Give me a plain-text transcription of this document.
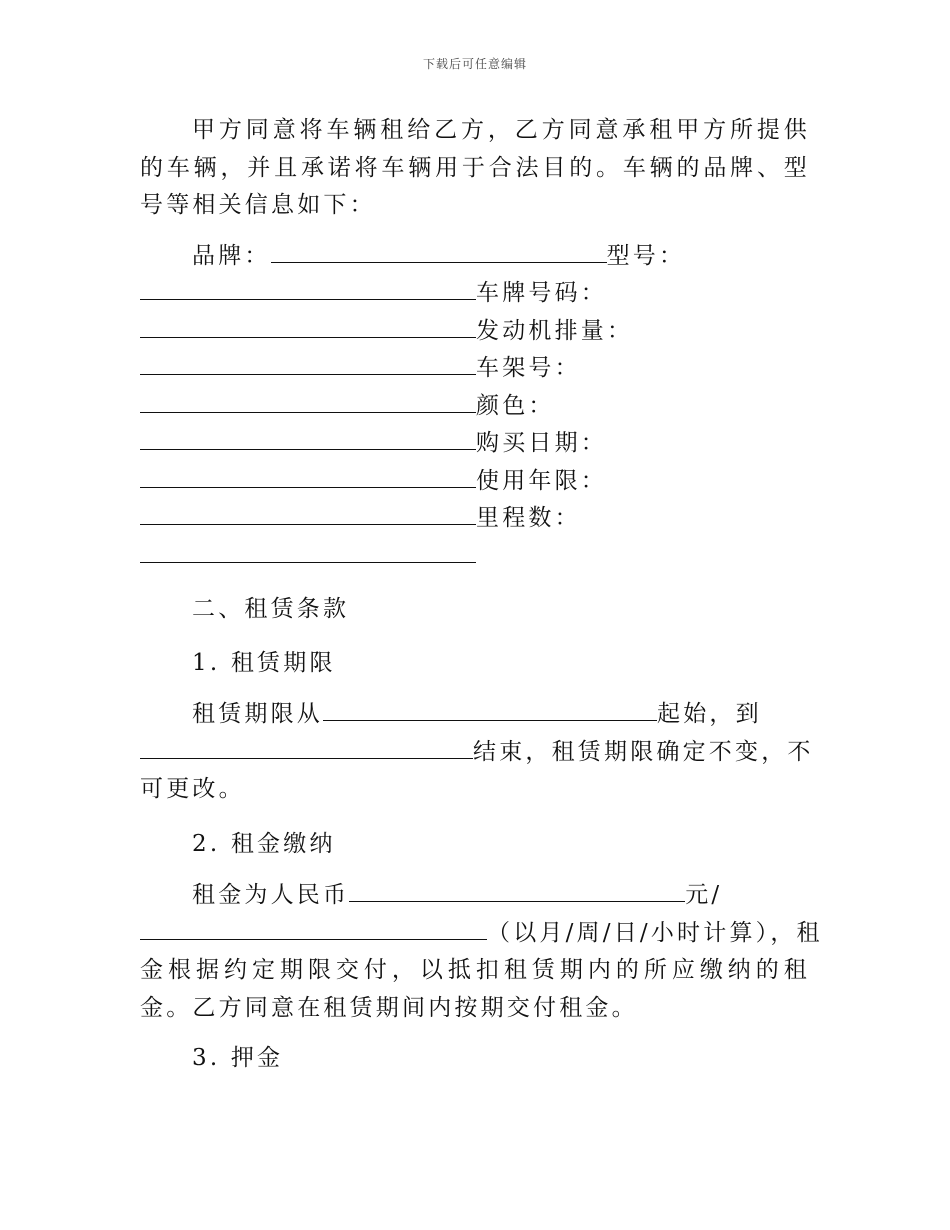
下载后可任意编辑

甲方同意将车辆租给乙方，乙方同意承租甲方所提供的车辆，并且承诺将车辆用于合法目的。车辆的品牌、型号等相关信息如下：

品牌：	型号：
车牌号码：
发动机排量：
车架号：
颜色：
购买日期：
使用年限：
里程数：

二、租赁条款

1. 租赁期限

租赁期限从	起始，到
结束，租赁期限确定不变，不
可更改。

2. 租金缴纳

租金为人民币	元/
（以月/周/日/小时计算），租

金根据约定期限交付，以抵扣租赁期内的所应缴纳的租金。乙方同意在租赁期间内按期交付租金。

3. 押金
